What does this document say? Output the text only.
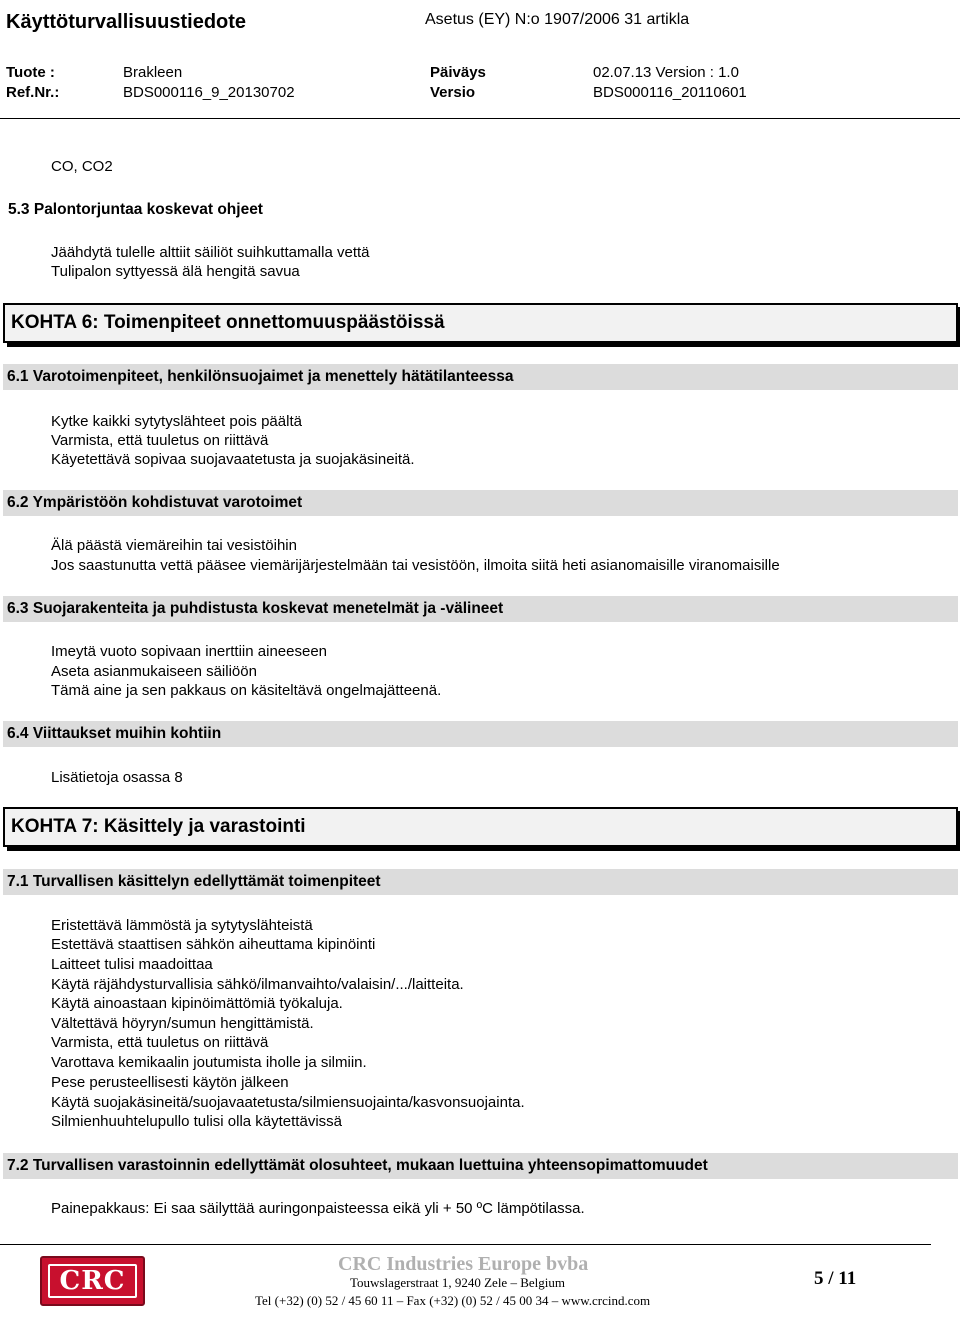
Käyttöturvallisuustiedote	Asetus (EY) N:o 1907/2006 31 artikla
Tuote :	Brakleen	Päiväys	02.07.13 Version : 1.0
Ref.Nr.:	BDS000116_9_20130702	Versio	BDS000116_20110601
CO, CO2
5.3 Palontorjuntaa koskevat ohjeet
Jäähdytä tulelle alttiit säiliöt suihkuttamalla vettä
Tulipalon syttyessä älä hengitä savua
KOHTA 6: Toimenpiteet onnettomuuspäästöissä
6.1 Varotoimenpiteet, henkilönsuojaimet ja menettely hätätilanteessa
Kytke kaikki sytytyslähteet pois päältä
Varmista, että tuuletus on riittävä
Käyetettävä sopivaa suojavaatetusta ja suojakäsineitä.
6.2 Ympäristöön kohdistuvat varotoimet
Älä päästä viemäreihin tai vesistöihin
Jos saastunutta vettä pääsee viemärijärjestelmään tai vesistöön, ilmoita siitä heti asianomaisille viranomaisille
6.3 Suojarakenteita ja puhdistusta koskevat menetelmät ja -välineet
Imeytä vuoto sopivaan inerttiin aineeseen
Aseta asianmukaiseen säiliöön
Tämä aine ja sen pakkaus on käsiteltävä ongelmajätteenä.
6.4 Viittaukset muihin kohtiin
Lisätietoja osassa 8
KOHTA 7: Käsittely ja varastointi
7.1 Turvallisen käsittelyn edellyttämät toimenpiteet
Eristettävä lämmöstä ja sytytyslähteistä
Estettävä staattisen sähkön aiheuttama kipinöinti
Laitteet tulisi maadoittaa
Käytä räjähdysturvallisia sähkö/ilmanvaihto/valaisin/.../laitteita.
Käytä ainoastaan kipinöimättömiä työkaluja.
Vältettävä höyryn/sumun hengittämistä.
Varmista, että tuuletus on riittävä
Varottava kemikaalin joutumista iholle ja silmiin.
Pese perusteellisesti käytön jälkeen
Käytä suojakäsineitä/suojavaatetusta/silmiensuojainta/kasvonsuojainta.
Silmienhuuhtelupullo tulisi olla käytettävissä
7.2 Turvallisen varastoinnin edellyttämät olosuhteet, mukaan luettuina yhteensopimattomuudet
Painepakkaus: Ei saa säilyttää auringonpaisteessa eikä yli + 50 ºC lämpötilassa.
CRC
CRC Industries Europe bvba
Touwslagerstraat 1, 9240 Zele – Belgium
Tel (+32) (0) 52 / 45 60 11 – Fax (+32) (0) 52 / 45 00 34 – www.crcind.com
5 / 11
